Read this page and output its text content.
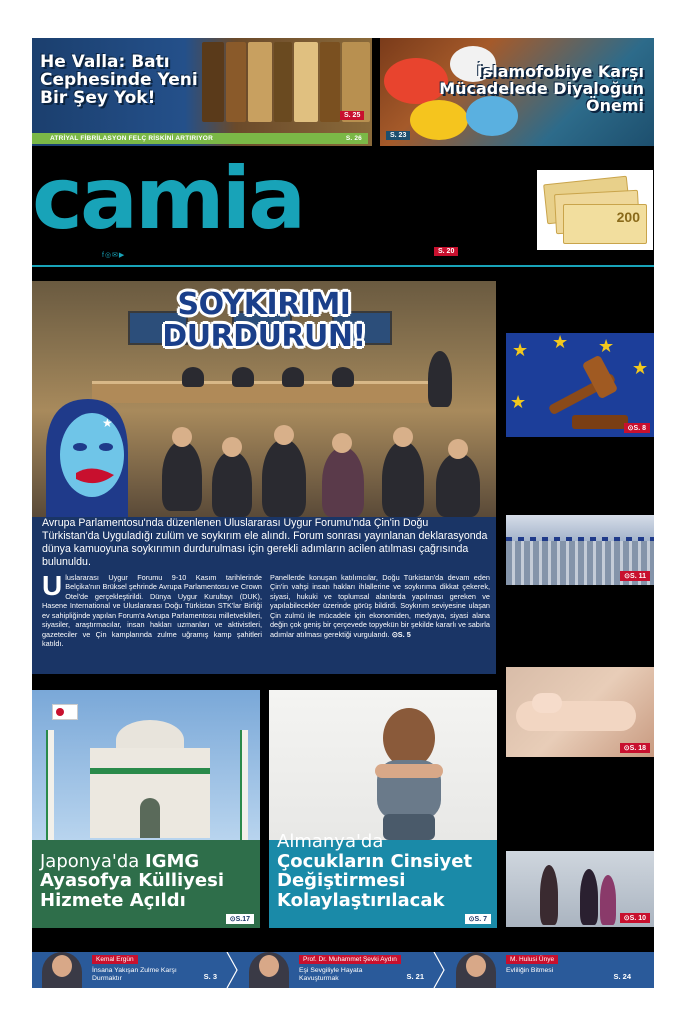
He Valla: Batı Cephesinde Yeni Bir Şey Yok!
S. 25
ATRİYAL FİBRİLASYON FELÇ RİSKİNİ ARTIRIYOR	S. 26
İslamofobiye Karşı Mücadelede Diyaloğun Önemi
S. 23
camia
f◎✉▶
S. 20
200
★
SOYKIRIMI DURDURUN!

Avrupa Parlamentosu'nda düzenlenen Uluslararası Uygur Forumu'nda Çin'in Doğu Türkistan'da Uyguladığı zulüm ve soykırım ele alındı. Forum sonrası yayınlanan deklarasyonda dünya kamuoyuna soykırımın durdurulması için gerekli adımların acilen atılması çağrısında bulunuldu.

Uluslararası Uygur Forumu 9-10 Kasım tarihlerinde Belçika'nın Brüksel şehrinde Avrupa Parlamentosu ve Crown Otel'de gerçekleştirildi. Dünya Uygur Kurultayı (DUK), Hasene International ve Uluslararası Doğu Türkistan STK'lar Birliği ev sahipliğinde yapılan Forum'a Avrupa Parlamentosu milletvekilleri, siyasiler, araştırmacılar, insan hakları uzmanları ve aktivistleri, gazeteciler ve Çin kamplarında zulme uğramış kamp şahitleri katıldı.
Panellerde konuşan katılımcılar, Doğu Türkistan'da devam eden Çin'in vahşi insan hakları ihlallerine ve soykırıma dikkat çekerek, siyasi, hukuki ve toplumsal alanlarda yapılması gereken ve yapılabilecekler üzerinde görüş bildirdi. Soykırım seviyesine ulaşan Çin zulmü ile mücadele için ekonomiden, medyaya, siyasi alana değin çok geniş bir çerçevede topyekün bir şekilde kararlı ve sabırla adımlar atılması gerektiği vurgulandı. ⊙S. 5
★ ★ ★
★
★
⊙S. 8
⊙S. 11
⊙S. 18
⊙S. 10
Japonya'da IGMG Ayasofya Külliyesi Hizmete Açıldı
⊙S.17
Almanya'da
Çocukların Cinsiyet Değiştirmesi Kolaylaştırılacak
⊙S. 7
Kemal Ergün
İnsana Yakışan Zulme Karşı Durmaktır	S. 3
Prof. Dr. Muhammet Şevki Aydın
Eşi Sevgiliyle Hayata Kavuşturmak	S. 21
M. Hulusi Ünye
Evliliğin Bitmesi
S. 24
